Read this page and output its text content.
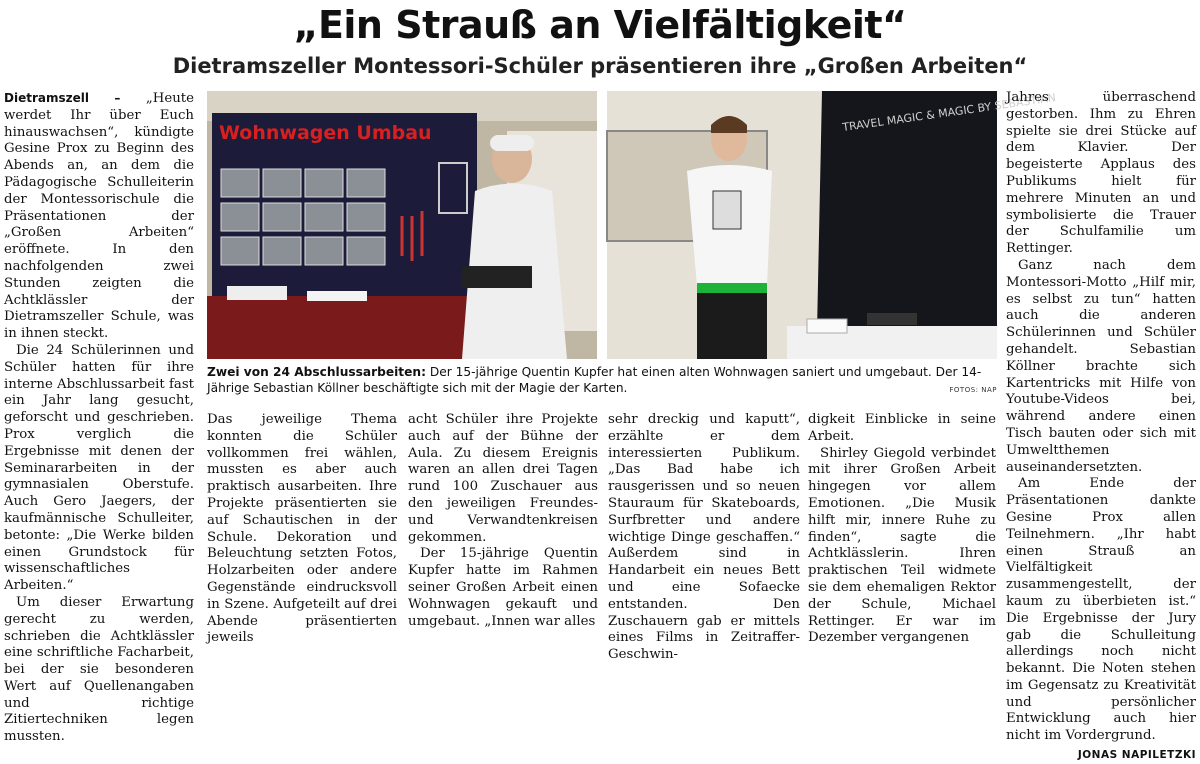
„Ein Strauß an Vielfältigkeit“
Dietramszeller Montessori-Schüler präsentieren ihre „Großen Arbeiten“

Dietramszell – „Heute werdet Ihr über Euch hinauswachsen“, kündigte Gesine Prox zu Beginn des Abends an, an dem die Pädagogische Schulleiterin der Montessorischule die Präsentationen der „Großen Arbeiten“ eröffnete. In den nachfolgenden zwei Stunden zeigten die Achtklässler der Dietramszeller Schule, was in ihnen steckt.

Die 24 Schülerinnen und Schüler hatten für ihre interne Abschlussarbeit fast ein Jahr lang gesucht, geforscht und geschrieben. Prox verglich die Ergebnisse mit denen der Seminararbeiten in der gymnasialen Oberstufe. Auch Gero Jaegers, der kaufmännische Schulleiter, betonte: „Die Werke bilden einen Grundstock für wissenschaftliches Arbeiten.“

Um dieser Erwartung gerecht zu werden, schrieben die Achtklässler eine schriftliche Facharbeit, bei der sie besonderen Wert auf Quellenangaben und richtige Zitiertechniken legen mussten.

Wohnwagen Umbau	TRAVEL MAGIC & MAGIC BY SEBASTIAN
Zwei von 24 Abschlussarbeiten: Der 15-jährige Quentin Kupfer hat einen alten Wohnwagen saniert und umgebaut. Der 14-Jährige Sebastian Köllner beschäftigte sich mit der Magie der Karten.	FOTOS: NAP

Das jeweilige Thema konnten die Schüler vollkommen frei wählen, mussten es aber auch praktisch ausarbeiten. Ihre Projekte präsentierten sie auf Schautischen in der Schule. Dekoration und Beleuchtung setzten Fotos, Holzarbeiten oder andere Gegenstände eindrucksvoll in Szene. Aufgeteilt auf drei Abende präsentierten jeweils

acht Schüler ihre Projekte auch auf der Bühne der Aula. Zu diesem Ereignis waren an allen drei Tagen rund 100 Zuschauer aus den jeweiligen Freundes- und Verwandtenkreisen gekommen.

Der 15-jährige Quentin Kupfer hatte im Rahmen seiner Großen Arbeit einen Wohnwagen gekauft und umgebaut. „Innen war alles

sehr dreckig und kaputt“, erzählte er dem interessierten Publikum. „Das Bad habe ich rausgerissen und so neuen Stauraum für Skateboards, Surfbretter und andere wichtige Dinge geschaffen.“ Außerdem sind in Handarbeit ein neues Bett und eine Sofaecke entstanden. Den Zuschauern gab er mittels eines Films in Zeitraffer-Geschwin-

digkeit Einblicke in seine Arbeit.

Shirley Giegold verbindet mit ihrer Großen Arbeit hingegen vor allem Emotionen. „Die Musik hilft mir, innere Ruhe zu finden“, sagte die Achtklässlerin. Ihren praktischen Teil widmete sie dem ehemaligen Rektor der Schule, Michael Rettinger. Er war im Dezember vergangenen

Jahres überraschend gestorben. Ihm zu Ehren spielte sie drei Stücke auf dem Klavier. Der begeisterte Applaus des Publikums hielt für mehrere Minuten an und symbolisierte die Trauer der Schulfamilie um Rettinger.

Ganz nach dem Montessori-Motto „Hilf mir, es selbst zu tun“ hatten auch die anderen Schülerinnen und Schüler gehandelt. Sebastian Köllner brachte sich Kartentricks mit Hilfe von Youtube-Videos bei, während andere einen Tisch bauten oder sich mit Umweltthemen auseinandersetzten.

Am Ende der Präsentationen dankte Gesine Prox allen Teilnehmern. „Ihr habt einen Strauß an Vielfältigkeit zusammengestellt, der kaum zu überbieten ist.“ Die Ergebnisse der Jury gab die Schulleitung allerdings noch nicht bekannt. Die Noten stehen im Gegensatz zu Kreativität und persönlicher Entwicklung auch hier nicht im Vordergrund.
JONAS NAPILETZKI
